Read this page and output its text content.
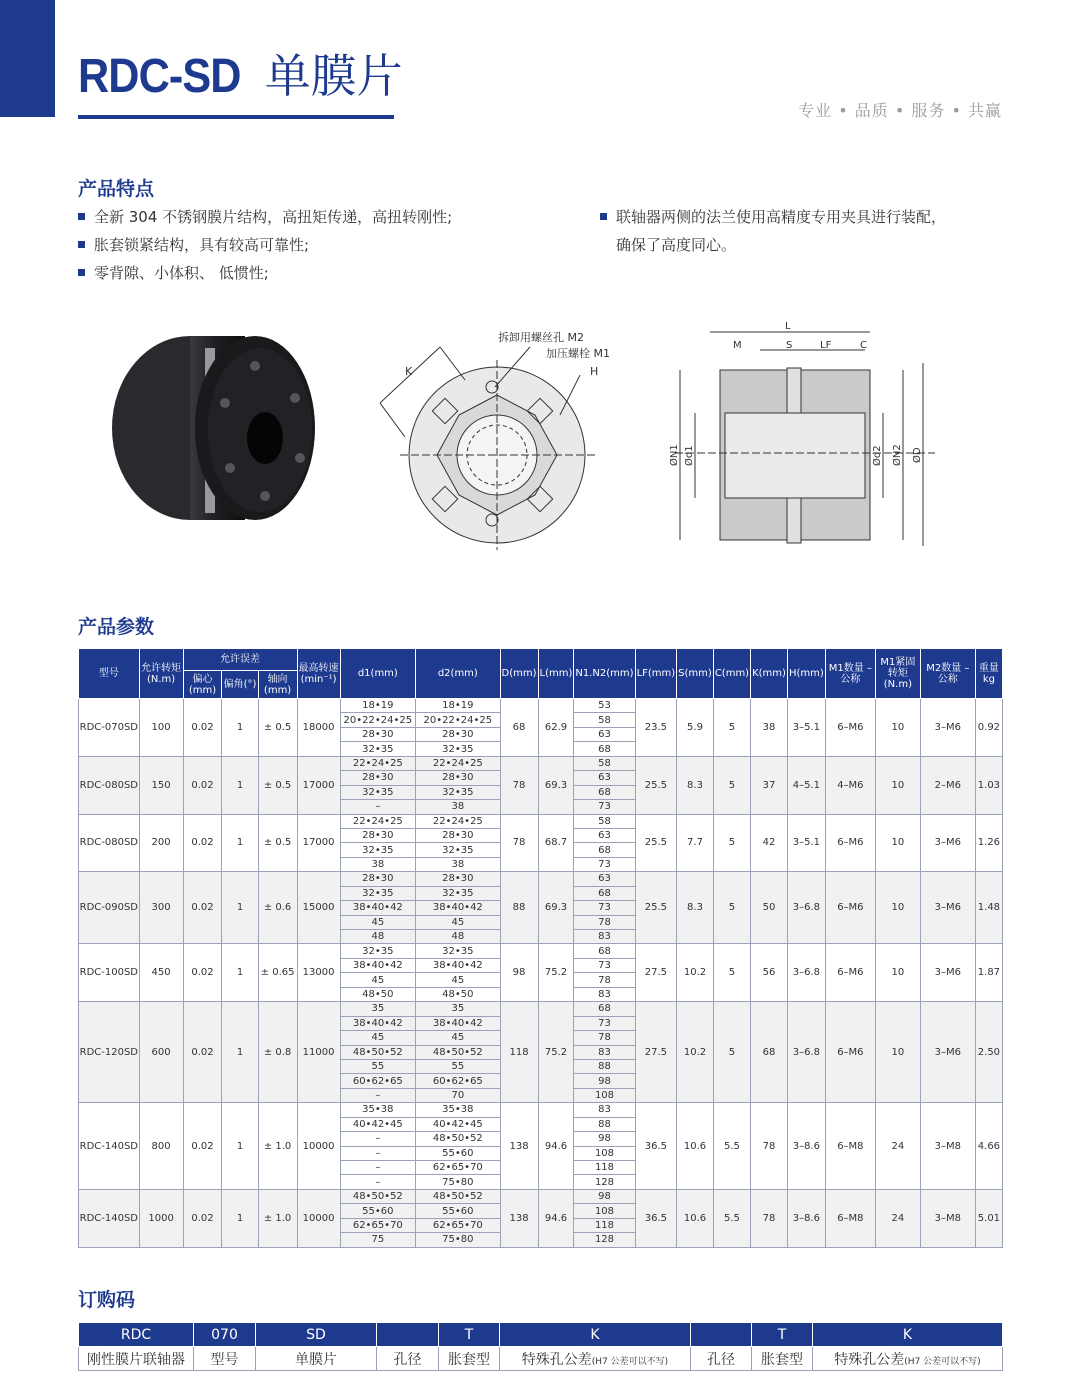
RDC-SD 单膜片
专业 • 品质 • 服务 • 共赢
产品特点
全新 304 不锈钢膜片结构，高扭矩传递，高扭转刚性;
胀套锁紧结构，具有较高可靠性;
零背隙、小体积、 低惯性;
联轴器两侧的法兰使用高精度专用夹具进行装配，
确保了高度同心。
拆卸用螺丝孔 M2
加压螺栓 M1
H
K
L
M	S	LF	C
ØN1 Ød1	Ød2 ØN2 ØD
产品参数
型号	允许转矩(N.m)	允许误差			最高转速(min⁻¹)	d1(mm)	d2(mm)	D(mm)	L(mm)	N1.N2(mm)	LF(mm)	S(mm)	C(mm)	K(mm)	H(mm)	M1数量 – 公称	M1紧固转矩(N.m)	M2数量 – 公称	重量kg
		偏心(mm)	偏角(°)	轴向(mm)															
RDC-070SD	100	0.02	1	± 0.5	18000	18•19	18•19	68	62.9	53	23.5	5.9	5	38	3–5.1	6–M6	10	3–M6	0.92
						20•22•24•25	20•22•24•25			58									
						28•30	28•30			63									
						32•35	32•35			68									
RDC-080SD	150	0.02	1	± 0.5	17000	22•24•25	22•24•25	78	69.3	58	25.5	8.3	5	37	4–5.1	4–M6	10	2–M6	1.03
						28•30	28•30			63									
						32•35	32•35			68									
						–	38			73									
RDC-080SD	200	0.02	1	± 0.5	17000	22•24•25	22•24•25	78	68.7	58	25.5	7.7	5	42	3–5.1	6–M6	10	3–M6	1.26
						28•30	28•30			63									
						32•35	32•35			68									
						38	38			73									
RDC-090SD	300	0.02	1	± 0.6	15000	28•30	28•30	88	69.3	63	25.5	8.3	5	50	3–6.8	6–M6	10	3–M6	1.48
						32•35	32•35			68									
						38•40•42	38•40•42			73									
						45	45			78									
						48	48			83									
RDC-100SD	450	0.02	1	± 0.65	13000	32•35	32•35	98	75.2	68	27.5	10.2	5	56	3–6.8	6–M6	10	3–M6	1.87
						38•40•42	38•40•42			73									
						45	45			78									
						48•50	48•50			83									
RDC-120SD	600	0.02	1	± 0.8	11000	35	35	118	75.2	68	27.5	10.2	5	68	3–6.8	6–M6	10	3–M6	2.50
						38•40•42	38•40•42			73									
						45	45			78									
						48•50•52	48•50•52			83									
						55	55			88									
						60•62•65	60•62•65			98									
						–	70			108									
RDC-140SD	800	0.02	1	± 1.0	10000	35•38	35•38	138	94.6	83	36.5	10.6	5.5	78	3–8.6	6–M8	24	3–M8	4.66
						40•42•45	40•42•45			88									
						–	48•50•52			98									
						–	55•60			108									
						–	62•65•70			118									
						–	75•80			128									
RDC-140SD	1000	0.02	1	± 1.0	10000	48•50•52	48•50•52	138	94.6	98	36.5	10.6	5.5	78	3–8.6	6–M8	24	3–M8	5.01
						55•60	55•60			108									
						62•65•70	62•65•70			118									
						75	75•80			128									
订购码
RDC	070	SD		T	K		T	K
刚性膜片联轴器	型号	单膜片	孔径	胀套型	特殊孔公差(H7 公差可以不写)	孔径	胀套型	特殊孔公差(H7 公差可以不写)
